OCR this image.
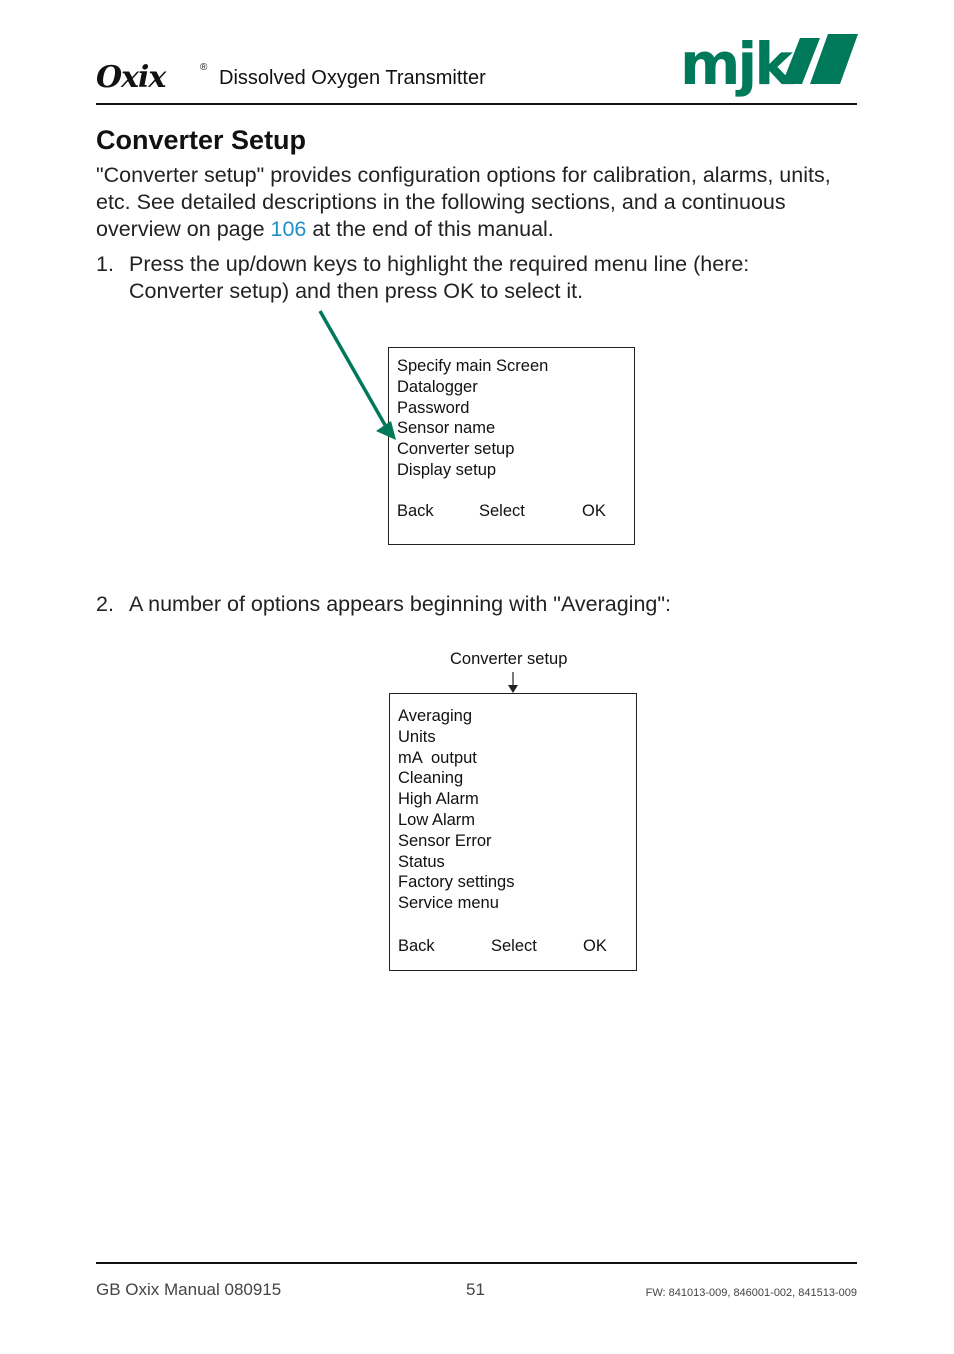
Oxix	® Dissolved Oxygen Transmitter	mjk
Converter Setup
"Converter setup" provides configuration options for calibration, alarms, units, etc. See detailed descriptions in the following sections, and a continuous overview on page 106 at the end of this manual.
1. Press the up/down keys to highlight the required menu line (here:
Converter setup) and then press OK to select it.
Specify main Screen
Datalogger
Password
Sensor name
Converter setup
Display setup
Back	Select	OK
2. A number of options appears beginning with "Averaging":
Converter setup
Averaging
Units
mA  output
Cleaning
High Alarm
Low Alarm
Sensor Error
Status
Factory settings
Service menu
Back	Select	OK
GB Oxix Manual 080915	51	FW: 841013-009, 846001-002, 841513-009
